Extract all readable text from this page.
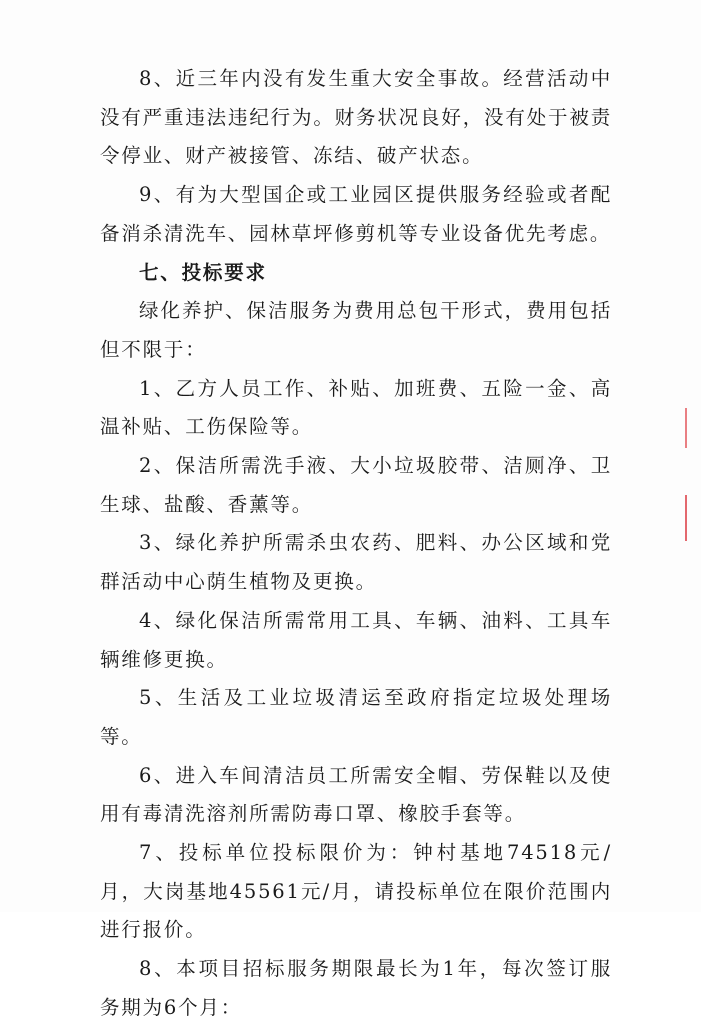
8、近三年内没有发生重大安全事故。经营活动中没有严重违法违纪行为。财务状况良好，没有处于被责令停业、财产被接管、冻结、破产状态。

9、有为大型国企或工业园区提供服务经验或者配备消杀清洗车、园林草坪修剪机等专业设备优先考虑。

七、投标要求

绿化养护、保洁服务为费用总包干形式，费用包括但不限于：

1、乙方人员工作、补贴、加班费、五险一金、高温补贴、工伤保险等。

2、保洁所需洗手液、大小垃圾胶带、洁厕净、卫生球、盐酸、香薰等。

3、绿化养护所需杀虫农药、肥料、办公区域和党群活动中心荫生植物及更换。

4、绿化保洁所需常用工具、车辆、油料、工具车辆维修更换。

5、生活及工业垃圾清运至政府指定垃圾处理场等。

6、进入车间清洁员工所需安全帽、劳保鞋以及使用有毒清洗溶剂所需防毒口罩、橡胶手套等。

7、投标单位投标限价为：钟村基地74518元/月，大岗基地45561元/月，请投标单位在限价范围内进行报价。

8、本项目招标服务期限最长为1年，每次签订服务期为6个月：
